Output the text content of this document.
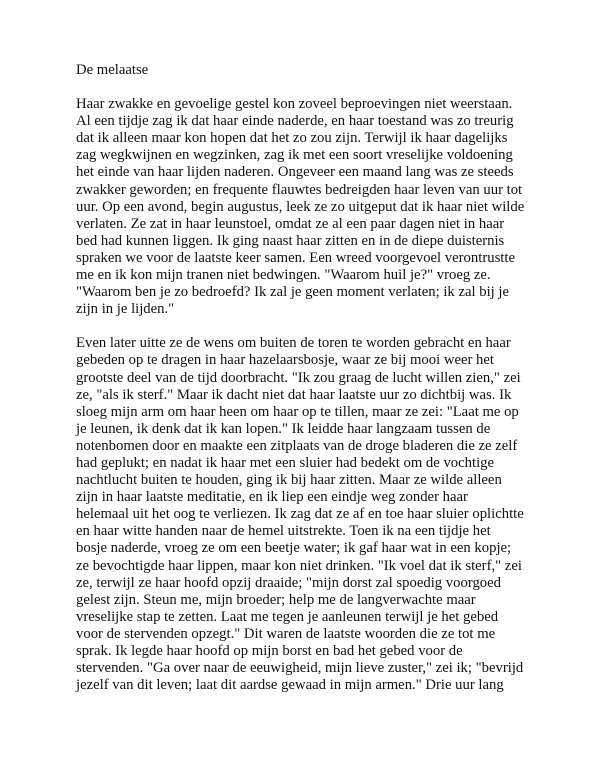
De melaatse
Haar zwakke en gevoelige gestel kon zoveel beproevingen niet weerstaan.
Al een tijdje zag ik dat haar einde naderde, en haar toestand was zo treurig
dat ik alleen maar kon hopen dat het zo zou zijn. Terwijl ik haar dagelijks
zag wegkwijnen en wegzinken, zag ik met een soort vreselijke voldoening
het einde van haar lijden naderen. Ongeveer een maand lang was ze steeds
zwakker geworden; en frequente flauwtes bedreigden haar leven van uur tot
uur. Op een avond, begin augustus, leek ze zo uitgeput dat ik haar niet wilde
verlaten. Ze zat in haar leunstoel, omdat ze al een paar dagen niet in haar
bed had kunnen liggen. Ik ging naast haar zitten en in de diepe duisternis
spraken we voor de laatste keer samen. Een wreed voorgevoel verontrustte
me en ik kon mijn tranen niet bedwingen. "Waarom huil je?" vroeg ze.
"Waarom ben je zo bedroefd? Ik zal je geen moment verlaten; ik zal bij je
zijn in je lijden."
Even later uitte ze de wens om buiten de toren te worden gebracht en haar
gebeden op te dragen in haar hazelaarsbosje, waar ze bij mooi weer het
grootste deel van de tijd doorbracht. "Ik zou graag de lucht willen zien," zei
ze, "als ik sterf." Maar ik dacht niet dat haar laatste uur zo dichtbij was. Ik
sloeg mijn arm om haar heen om haar op te tillen, maar ze zei: "Laat me op
je leunen, ik denk dat ik kan lopen." Ik leidde haar langzaam tussen de
notenbomen door en maakte een zitplaats van de droge bladeren die ze zelf
had geplukt; en nadat ik haar met een sluier had bedekt om de vochtige
nachtlucht buiten te houden, ging ik bij haar zitten. Maar ze wilde alleen
zijn in haar laatste meditatie, en ik liep een eindje weg zonder haar
helemaal uit het oog te verliezen. Ik zag dat ze af en toe haar sluier oplichtte
en haar witte handen naar de hemel uitstrekte. Toen ik na een tijdje het
bosje naderde, vroeg ze om een beetje water; ik gaf haar wat in een kopje;
ze bevochtigde haar lippen, maar kon niet drinken. "Ik voel dat ik sterf," zei
ze, terwijl ze haar hoofd opzij draaide; "mijn dorst zal spoedig voorgoed
gelest zijn. Steun me, mijn broeder; help me de langverwachte maar
vreselijke stap te zetten. Laat me tegen je aanleunen terwijl je het gebed
voor de stervenden opzegt." Dit waren de laatste woorden die ze tot me
sprak. Ik legde haar hoofd op mijn borst en bad het gebed voor de
stervenden. "Ga over naar de eeuwigheid, mijn lieve zuster," zei ik; "bevrijd
jezelf van dit leven; laat dit aardse gewaad in mijn armen." Drie uur lang
